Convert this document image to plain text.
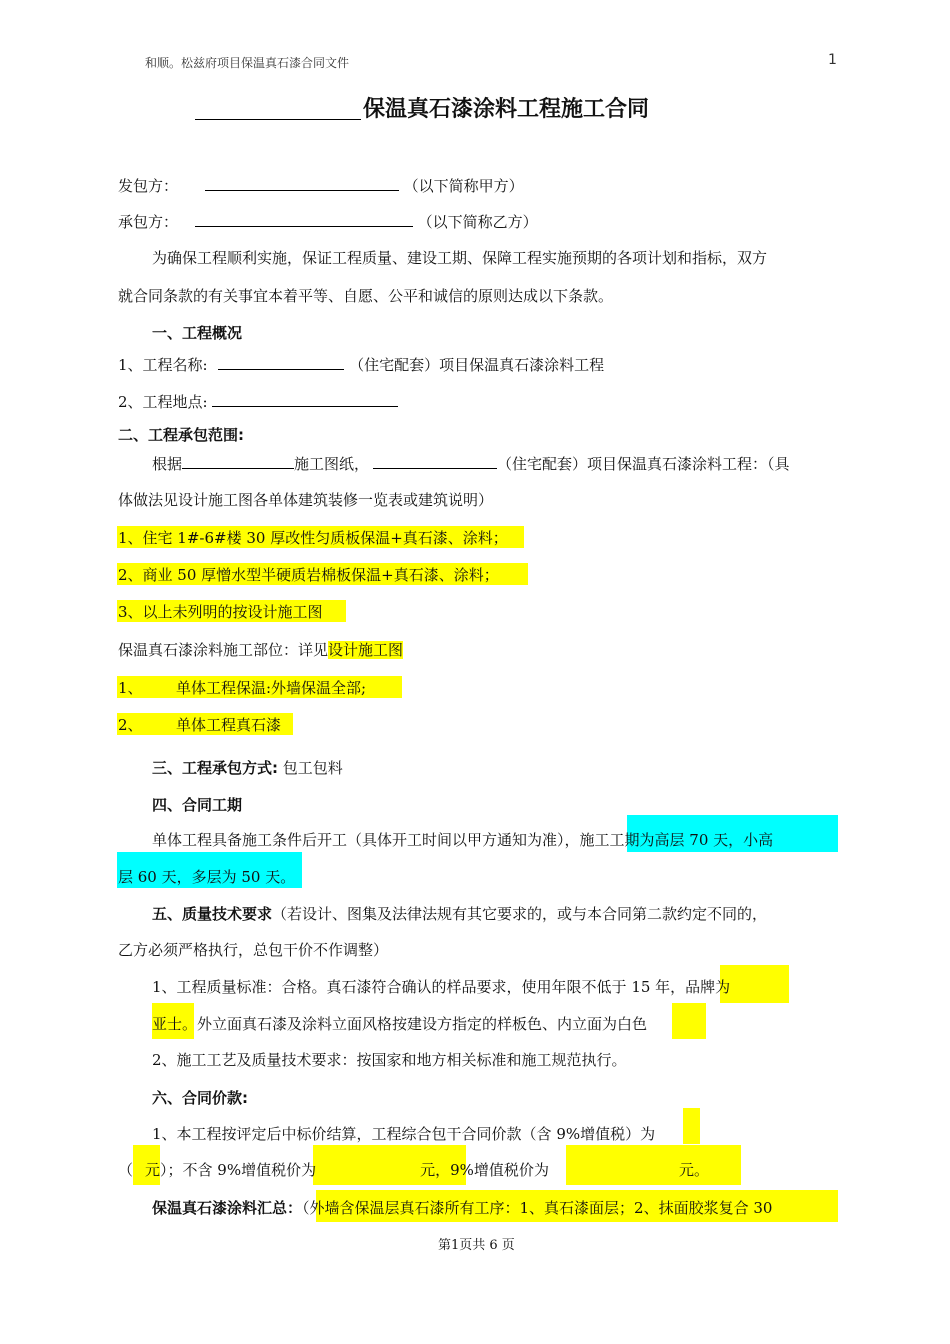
和顺。松兹府项目保温真石漆合同文件	1
保温真石漆涂料工程施工合同
发包方：	（以下简称甲方）
承包方：	（以下简称乙方）
为确保工程顺利实施，保证工程质量、建设工期、保障工程实施预期的各项计划和指标，双方
就合同条款的有关事宜本着平等、自愿、公平和诚信的原则达成以下条款。
一、工程概况
1、工程名称:	（住宅配套）项目保温真石漆涂料工程
2、工程地点:
二、工程承包范围:
根据	施工图纸，	（住宅配套）项目保温真石漆涂料工程：（具
体做法见设计施工图各单体建筑装修一览表或建筑说明）
1、住宅 1#-6#楼 30 厚改性匀质板保温+真石漆、涂料；
2、商业 50 厚憎水型半硬质岩棉板保温+真石漆、涂料；
3、以上未列明的按设计施工图
保温真石漆涂料施工部位：详见设计施工图
1、 单体工程保温:外墙保温全部;
2、 单体工程真石漆
三、工程承包方式: 包工包料
四、合同工期
单体工程具备施工条件后开工（具体开工时间以甲方通知为准），施工工期为高层 70 天，小高
层 60 天，多层为 50 天。
五、质量技术要求（若设计、图集及法律法规有其它要求的，或与本合同第二款约定不同的，
乙方必须严格执行，总包干价不作调整）
1、工程质量标准：合格。真石漆符合确认的样品要求，使用年限不低于 15 年，品牌为
亚士。外立面真石漆及涂料立面风格按建设方指定的样板色、内立面为白色
2、施工工艺及质量技术要求：按国家和地方相关标准和施工规范执行。
六、合同价款:
1、本工程按评定后中标价结算，工程综合包干合同价款（含 9%增值税）为
（ 元）；不含 9%增值税价为	元，9%增值税价为	元。
保温真石漆涂料汇总：（外墙含保温层真石漆所有工序：1、真石漆面层；2、抹面胶浆复合 30
第1页共 6 页
